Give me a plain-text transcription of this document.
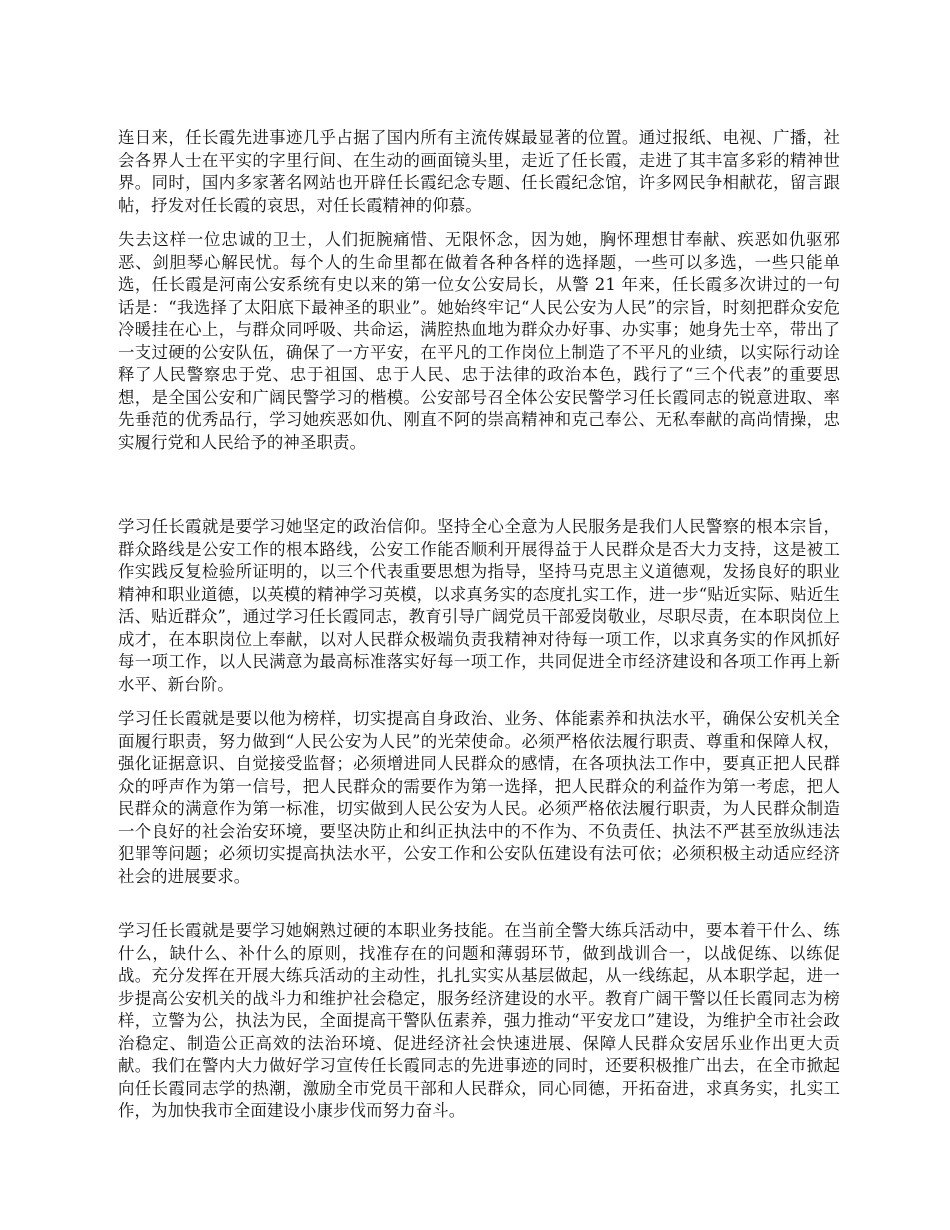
连日来，任长霞先进事迹几乎占据了国内所有主流传媒最显著的位置。通过报纸、电视、广播，社会各界人士在平实的字里行间、在生动的画面镜头里，走近了任长霞，走进了其丰富多彩的精神世界。同时，国内多家著名网站也开辟任长霞纪念专题、任长霞纪念馆，许多网民争相献花，留言跟帖，抒发对任长霞的哀思，对任长霞精神的仰慕。

失去这样一位忠诚的卫士，人们扼腕痛惜、无限怀念，因为她，胸怀理想甘奉献、疾恶如仇驱邪恶、剑胆琴心解民忧。每个人的生命里都在做着各种各样的选择题，一些可以多选，一些只能单选，任长霞是河南公安系统有史以来的第一位女公安局长，从警 21 年来，任长霞多次讲过的一句话是：“我选择了太阳底下最神圣的职业”。她始终牢记“人民公安为人民”的宗旨，时刻把群众安危冷暖挂在心上，与群众同呼吸、共命运，满腔热血地为群众办好事、办实事；她身先士卒，带出了一支过硬的公安队伍，确保了一方平安，在平凡的工作岗位上制造了不平凡的业绩，以实际行动诠释了人民警察忠于党、忠于祖国、忠于人民、忠于法律的政治本色，践行了“三个代表”的重要思想，是全国公安和广阔民警学习的楷模。公安部号召全体公安民警学习任长霞同志的锐意进取、率先垂范的优秀品行，学习她疾恶如仇、刚直不阿的崇高精神和克己奉公、无私奉献的高尚情操，忠实履行党和人民给予的神圣职责。

学习任长霞就是要学习她坚定的政治信仰。坚持全心全意为人民服务是我们人民警察的根本宗旨，群众路线是公安工作的根本路线，公安工作能否顺利开展得益于人民群众是否大力支持，这是被工作实践反复检验所证明的，以三个代表重要思想为指导，坚持马克思主义道德观，发扬良好的职业精神和职业道德，以英模的精神学习英模，以求真务实的态度扎实工作，进一步“贴近实际、贴近生活、贴近群众”，通过学习任长霞同志，教育引导广阔党员干部爱岗敬业，尽职尽责，在本职岗位上成才，在本职岗位上奉献，以对人民群众极端负责我精神对待每一项工作，以求真务实的作风抓好每一项工作，以人民满意为最高标准落实好每一项工作，共同促进全市经济建设和各项工作再上新水平、新台阶。

学习任长霞就是要以他为榜样，切实提高自身政治、业务、体能素养和执法水平，确保公安机关全面履行职责，努力做到“人民公安为人民”的光荣使命。必须严格依法履行职责、尊重和保障人权，强化证据意识、自觉接受监督；必须增进同人民群众的感情，在各项执法工作中，要真正把人民群众的呼声作为第一信号，把人民群众的需要作为第一选择，把人民群众的利益作为第一考虑，把人民群众的满意作为第一标准，切实做到人民公安为人民。必须严格依法履行职责，为人民群众制造一个良好的社会治安环境，要坚决防止和纠正执法中的不作为、不负责任、执法不严甚至放纵违法犯罪等问题；必须切实提高执法水平，公安工作和公安队伍建设有法可依；必须积极主动适应经济社会的进展要求。

学习任长霞就是要学习她娴熟过硬的本职业务技能。在当前全警大练兵活动中，要本着干什么、练什么，缺什么、补什么的原则，找准存在的问题和薄弱环节，做到战训合一，以战促练、以练促战。充分发挥在开展大练兵活动的主动性，扎扎实实从基层做起，从一线练起，从本职学起，进一步提高公安机关的战斗力和维护社会稳定，服务经济建设的水平。教育广阔干警以任长霞同志为榜样，立警为公，执法为民，全面提高干警队伍素养，强力推动“平安龙口”建设，为维护全市社会政治稳定、制造公正高效的法治环境、促进经济社会快速进展、保障人民群众安居乐业作出更大贡献。我们在警内大力做好学习宣传任长霞同志的先进事迹的同时，还要积极推广出去，在全市掀起向任长霞同志学的热潮，激励全市党员干部和人民群众，同心同德，开拓奋进，求真务实，扎实工作，为加快我市全面建设小康步伐而努力奋斗。
